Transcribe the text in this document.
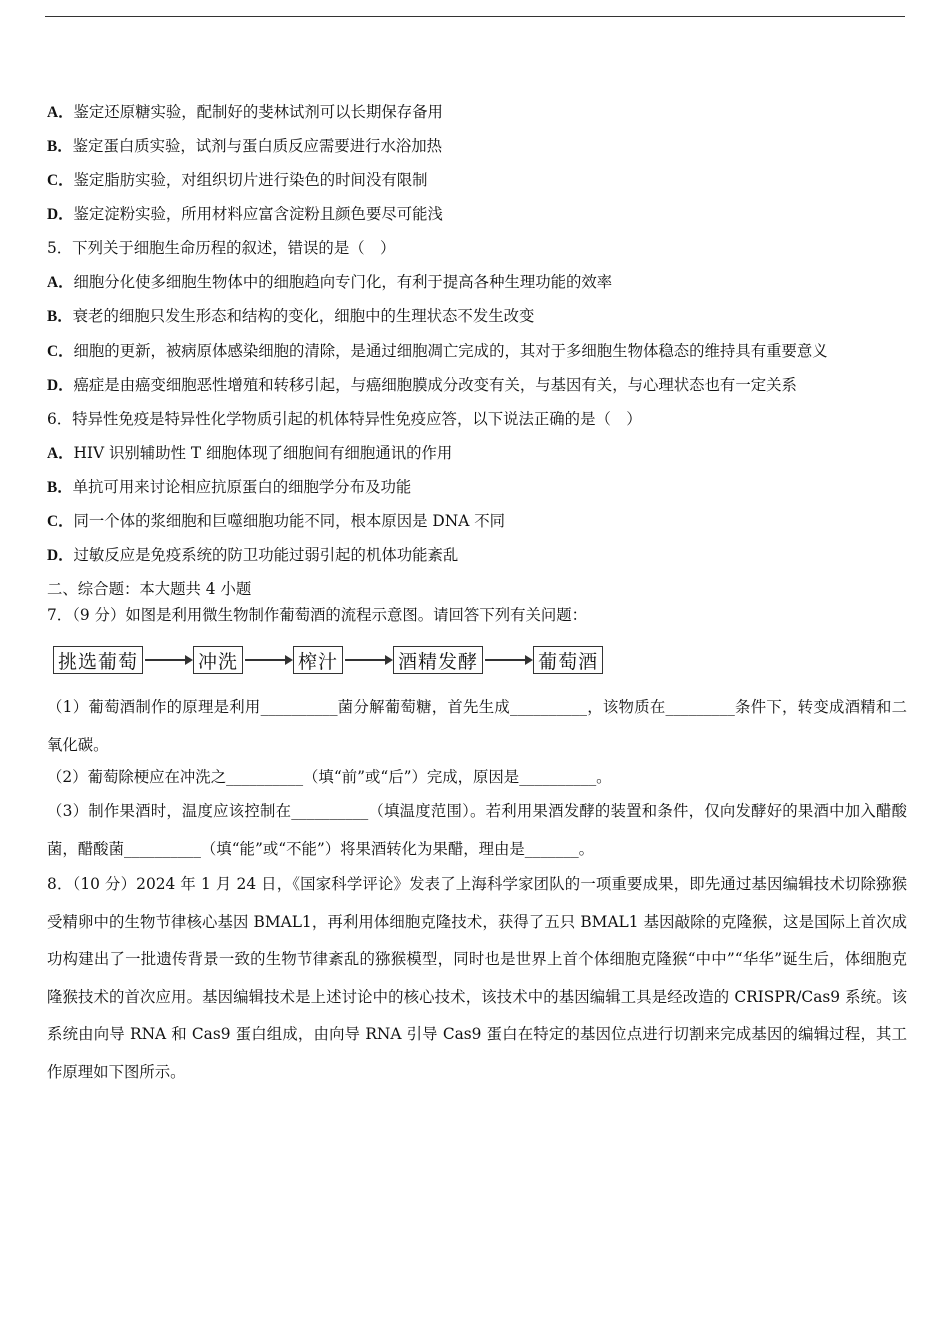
A．鉴定还原糖实验，配制好的斐林试剂可以长期保存备用
B．鉴定蛋白质实验，试剂与蛋白质反应需要进行水浴加热
C．鉴定脂肪实验，对组织切片进行染色的时间没有限制
D．鉴定淀粉实验，所用材料应富含淀粉且颜色要尽可能浅
5．下列关于细胞生命历程的叙述，错误的是（　）
A．细胞分化使多细胞生物体中的细胞趋向专门化，有利于提高各种生理功能的效率
B．衰老的细胞只发生形态和结构的变化，细胞中的生理状态不发生改变
C．细胞的更新，被病原体感染细胞的清除，是通过细胞凋亡完成的，其对于多细胞生物体稳态的维持具有重要意义
D．癌症是由癌变细胞恶性增殖和转移引起，与癌细胞膜成分改变有关，与基因有关，与心理状态也有一定关系
6．特异性免疫是特异性化学物质引起的机体特异性免疫应答，以下说法正确的是（　）
A．HIV 识别辅助性 T 细胞体现了细胞间有细胞通讯的作用
B．单抗可用来讨论相应抗原蛋白的细胞学分布及功能
C．同一个体的浆细胞和巨噬细胞功能不同，根本原因是 DNA 不同
D．过敏反应是免疫系统的防卫功能过弱引起的机体功能紊乱
二、综合题：本大题共 4 小题
7．（9 分）如图是利用微生物制作葡萄酒的流程示意图。请回答下列有关问题：
挑选葡萄	冲洗	榨汁	酒精发酵	葡萄酒
（1）葡萄酒制作的原理是利用__________菌分解葡萄糖，首先生成__________，该物质在_________条件下，转变成酒精和二氧化碳。
（2）葡萄除梗应在冲洗之__________（填“前”或“后”）完成，原因是__________。
（3）制作果酒时，温度应该控制在__________（填温度范围）。若利用果酒发酵的装置和条件，仅向发酵好的果酒中加入醋酸菌，醋酸菌__________（填“能”或“不能”）将果酒转化为果醋，理由是_______。
8．（10 分）2024 年 1 月 24 日，《国家科学评论》发表了上海科学家团队的一项重要成果，即先通过基因编辑技术切除猕猴受精卵中的生物节律核心基因 BMAL1，再利用体细胞克隆技术，获得了五只 BMAL1 基因敲除的克隆猴，这是国际上首次成功构建出了一批遗传背景一致的生物节律紊乱的猕猴模型，同时也是世界上首个体细胞克隆猴“中中”“华华”诞生后，体细胞克隆猴技术的首次应用。基因编辑技术是上述讨论中的核心技术，该技术中的基因编辑工具是经改造的 CRISPR/Cas9 系统。该系统由向导 RNA 和 Cas9 蛋白组成，由向导 RNA 引导 Cas9 蛋白在特定的基因位点进行切割来完成基因的编辑过程，其工作原理如下图所示。
